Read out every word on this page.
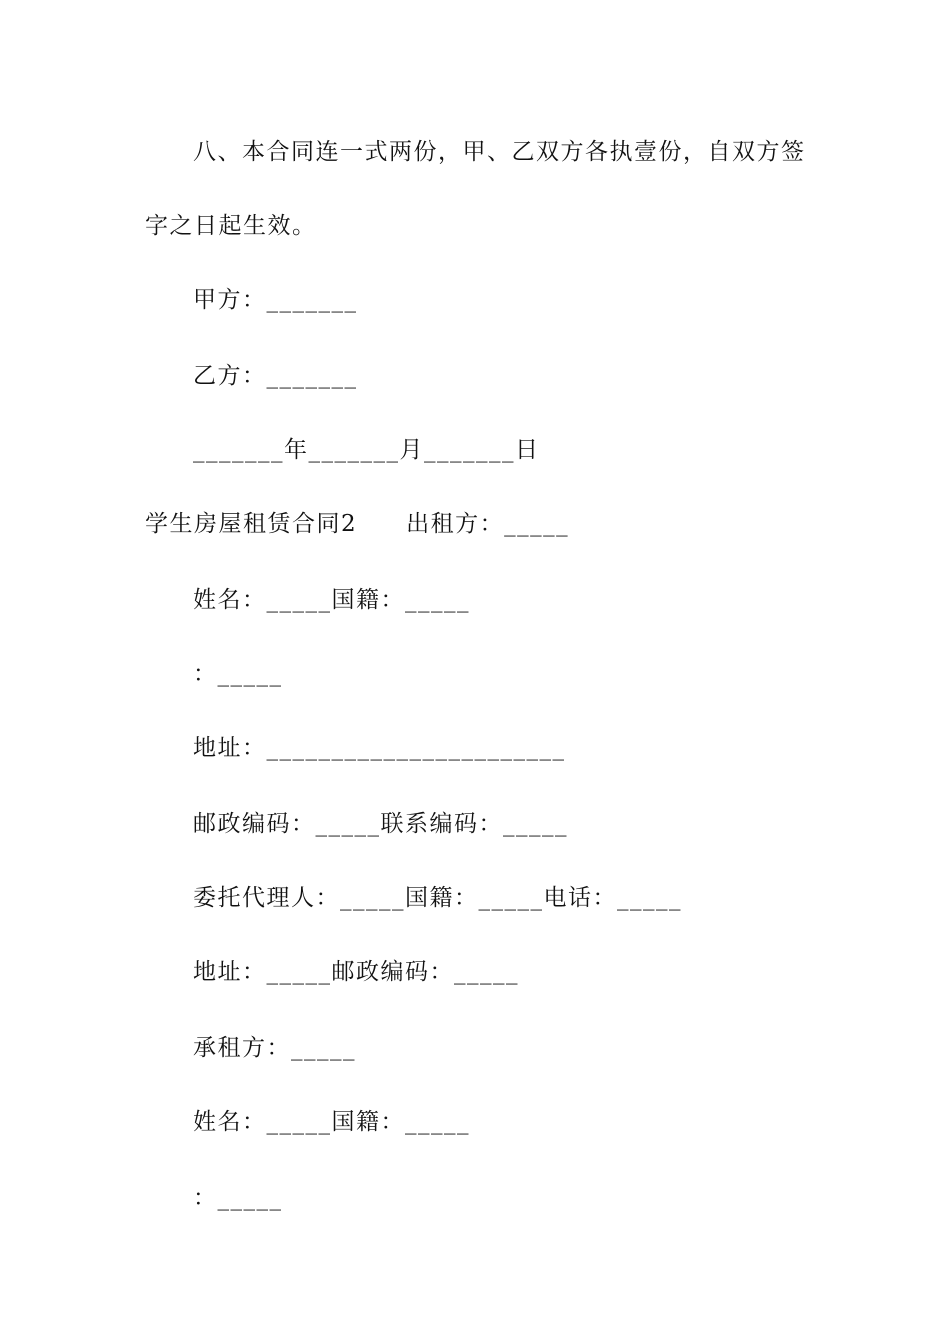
八、本合同连一式两份，甲、乙双方各执壹份，自双方签
字之日起生效。
甲方：_______
乙方：_______
_______年_______月_______日
学生房屋租赁合同2　　出租方：_____
姓名：_____国籍：_____
：_____
地址：_______________________
邮政编码：_____联系编码：_____
委托代理人：_____国籍：_____电话：_____
地址：_____邮政编码：_____
承租方：_____
姓名：_____国籍：_____
：_____
